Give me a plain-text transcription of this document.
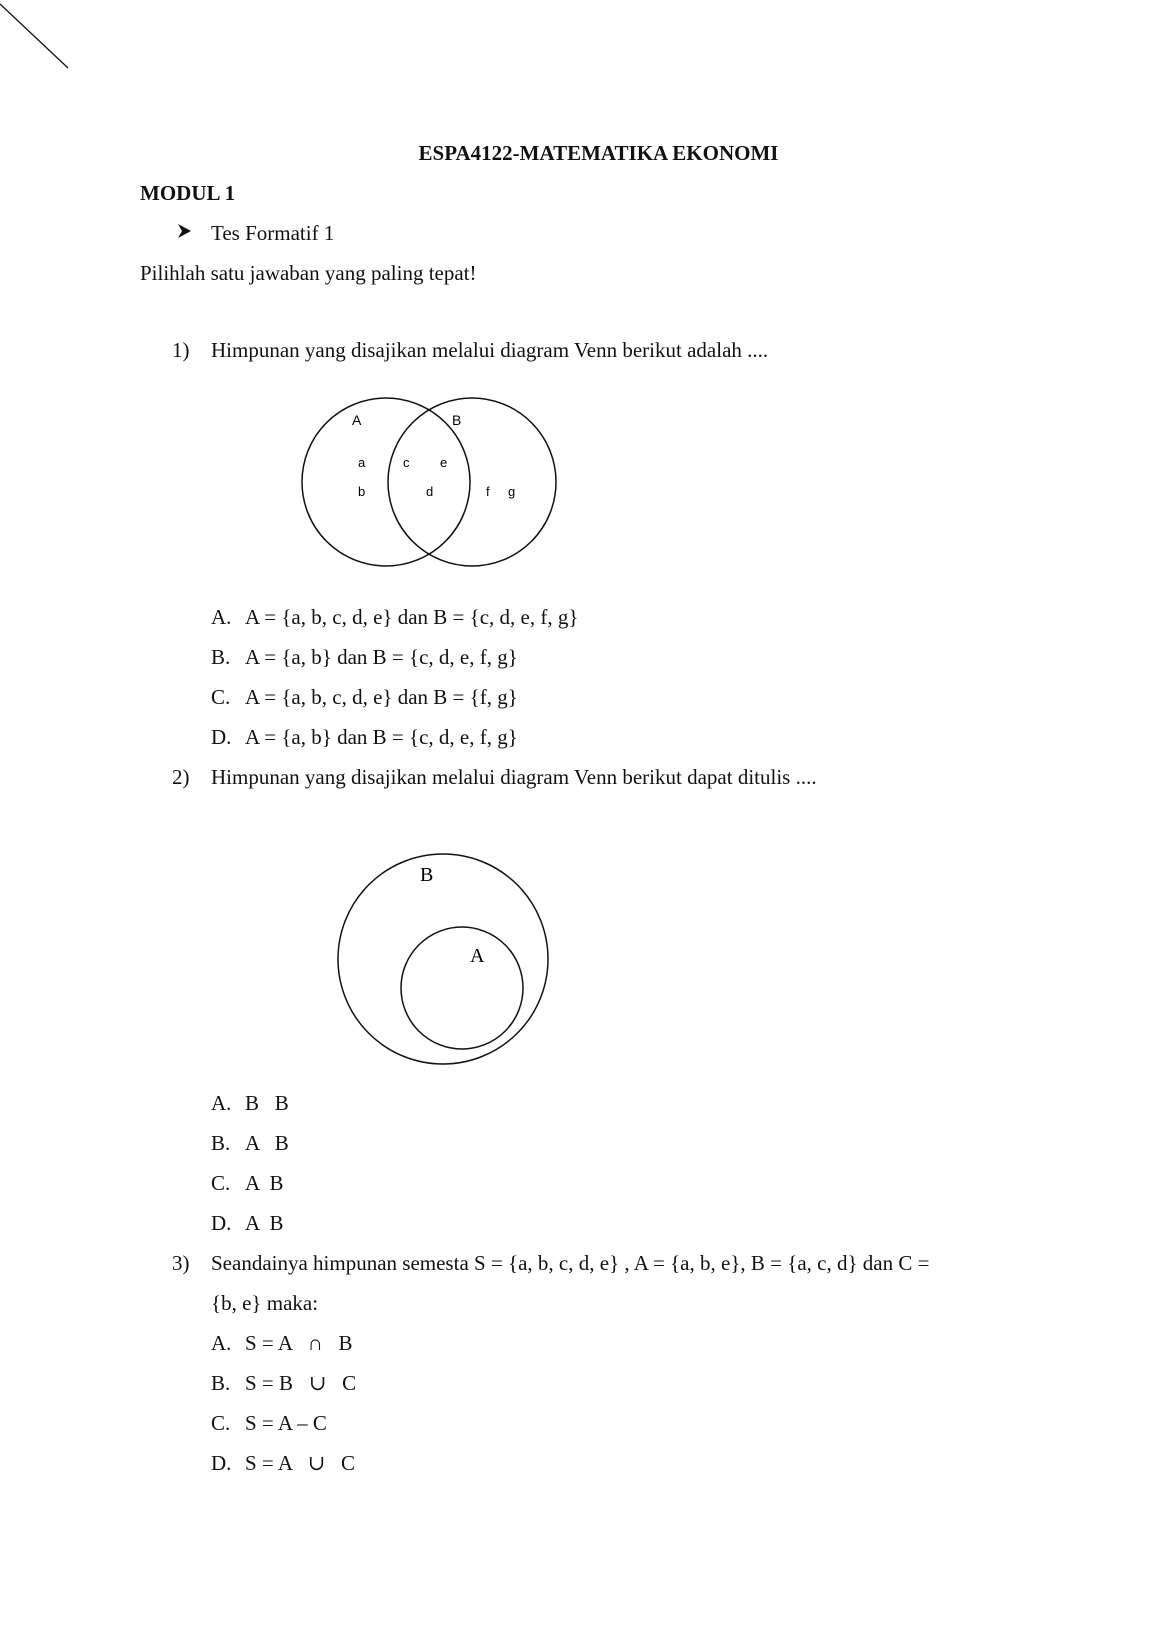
ESPA4122-MATEMATIKA EKONOMI
MODUL 1
Tes Formatif 1
Pilihlah satu jawaban yang paling tepat!
1) Himpunan yang disajikan melalui diagram Venn berikut adalah ....
A	B
a
b
c e
d	f g
A. A = {a, b, c, d, e} dan B = {c, d, e, f, g}
B. A = {a, b} dan B = {c, d, e, f, g}
C. A = {a, b, c, d, e} dan B = {f, g}
D. A = {a, b} dan B = {c, d, e, f, g}
2) Himpunan yang disajikan melalui diagram Venn berikut dapat ditulis ....
B
A
A. B   B
B. A   B
C. A  B
D. A  B
3) Seandainya himpunan semesta S = {a, b, c, d, e} , A = {a, b, e}, B = {a, c, d} dan C =
{b, e} maka:
A. S = A   ∩   B
B. S = B   ∪   C
C. S = A – C
D. S = A   ∪   C
